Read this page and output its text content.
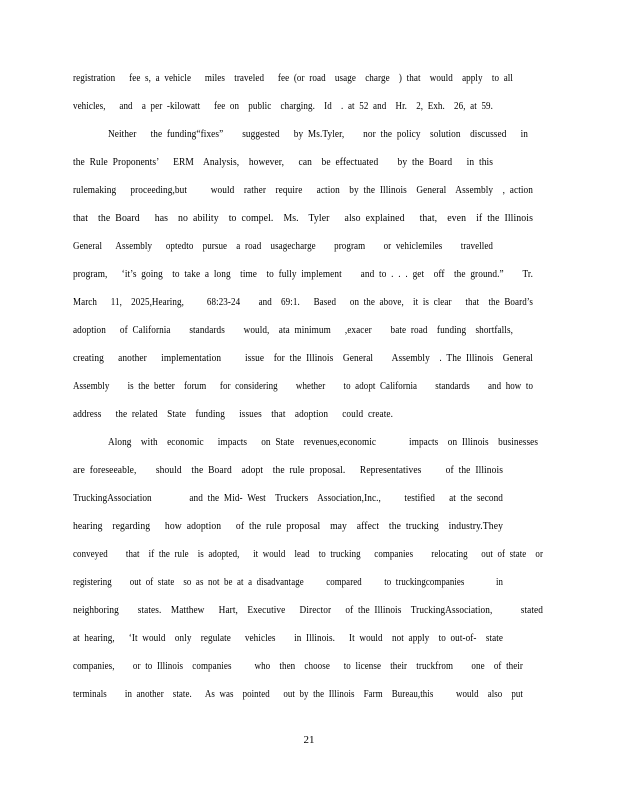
registration   fee s, a vehicle   miles  traveled   fee (or road  usage  charge  ) that  would  apply  to all
vehicles,   and  a per -kilowatt   fee on  public  charging.  Id  . at 52 and  Hr.  2, Exh.  26, at 59.
Neither   the funding“fixes”    suggested   by Ms.Tyler,    nor the policy  solution  discussed   in
the Rule Proponents’   ERM  Analysis,  however,   can  be effectuated    by the Board   in this
rulemaking   proceeding,but     would  rather  require   action  by the Illinois  General  Assembly  , action
that  the Board   has  no ability  to compel.  Ms.  Tyler   also explained   that,  even  if the Illinois
General   Assembly   optedto  pursue  a road  usagecharge    program    or vehiclemiles    travelled
program,   ‘it’s going  to take a long  time  to fully implement    and to . . . get  off  the ground.”    Tr.
March   11,  2025,Hearing,     68:23-24    and  69:1.   Based   on the above,  it is clear   that  the Board’s
adoption   of California    standards    would,  ata minimum   ,exacer    bate road  funding  shortfalls,
creating   another   implementation     issue  for the Illinois  General    Assembly  . The Illinois  General
Assembly    is the better  forum   for considering    whether    to adopt California    standards    and how to
address   the related  State  funding   issues  that  adoption   could create.
Along  with  economic   impacts   on State  revenues,economic       impacts  on Illinois  businesses
are foreseeable,    should  the Board  adopt  the rule proposal.   Representatives     of the Illinois
TruckingAssociation        and the Mid- West  Truckers  Association,Inc.,     testified   at the second
hearing  regarding   how adoption   of the rule proposal  may  affect  the trucking  industry.They
conveyed    that  if the rule  is adopted,   it would  lead  to trucking   companies    relocating   out of state  or
registering    out of state  so as not be at a disadvantage     compared     to truckingcompanies       in
neighboring    states.  Matthew   Hart,  Executive   Director   of the Illinois  TruckingAssociation,      stated
at hearing,   ‘It would  only  regulate   vehicles    in Illinois.   It would  not apply  to out-of-  state
companies,    or to Illinois  companies     who  then  choose   to license  their  truckfrom    one  of their
terminals    in another  state.   As was  pointed   out by the Illinois  Farm  Bureau,this     would  also  put
21
